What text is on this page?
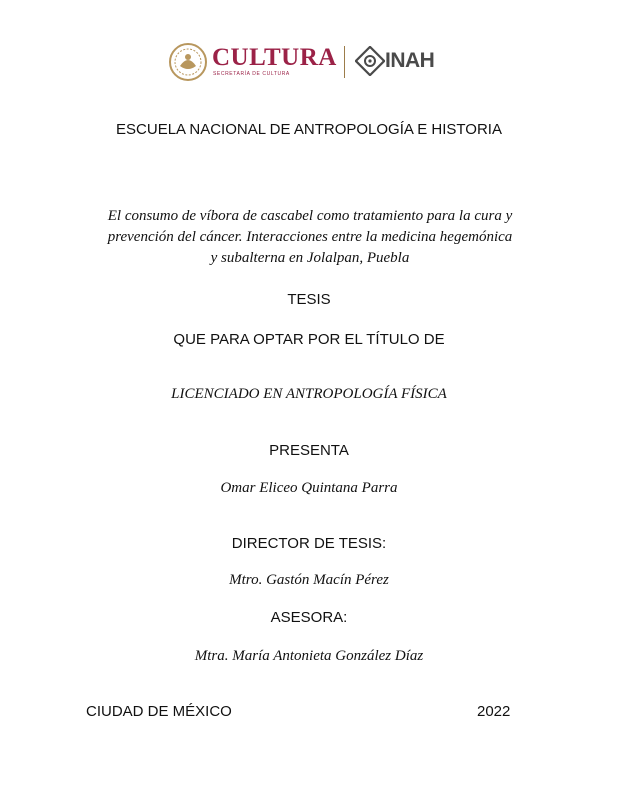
CULTURA
SECRETARÍA DE CULTURA
INAH
ESCUELA NACIONAL DE ANTROPOLOGÍA E HISTORIA
El consumo de víbora de cascabel como tratamiento para la cura y
prevención del cáncer. Interacciones entre la medicina hegemónica
y subalterna en Jolalpan, Puebla
TESIS
QUE PARA OPTAR POR EL TÍTULO DE
LICENCIADO EN ANTROPOLOGÍA FÍSICA
PRESENTA
Omar Eliceo Quintana Parra
DIRECTOR DE TESIS:
Mtro. Gastón Macín Pérez
ASESORA:
Mtra. María Antonieta González Díaz
CIUDAD DE MÉXICO	2022
